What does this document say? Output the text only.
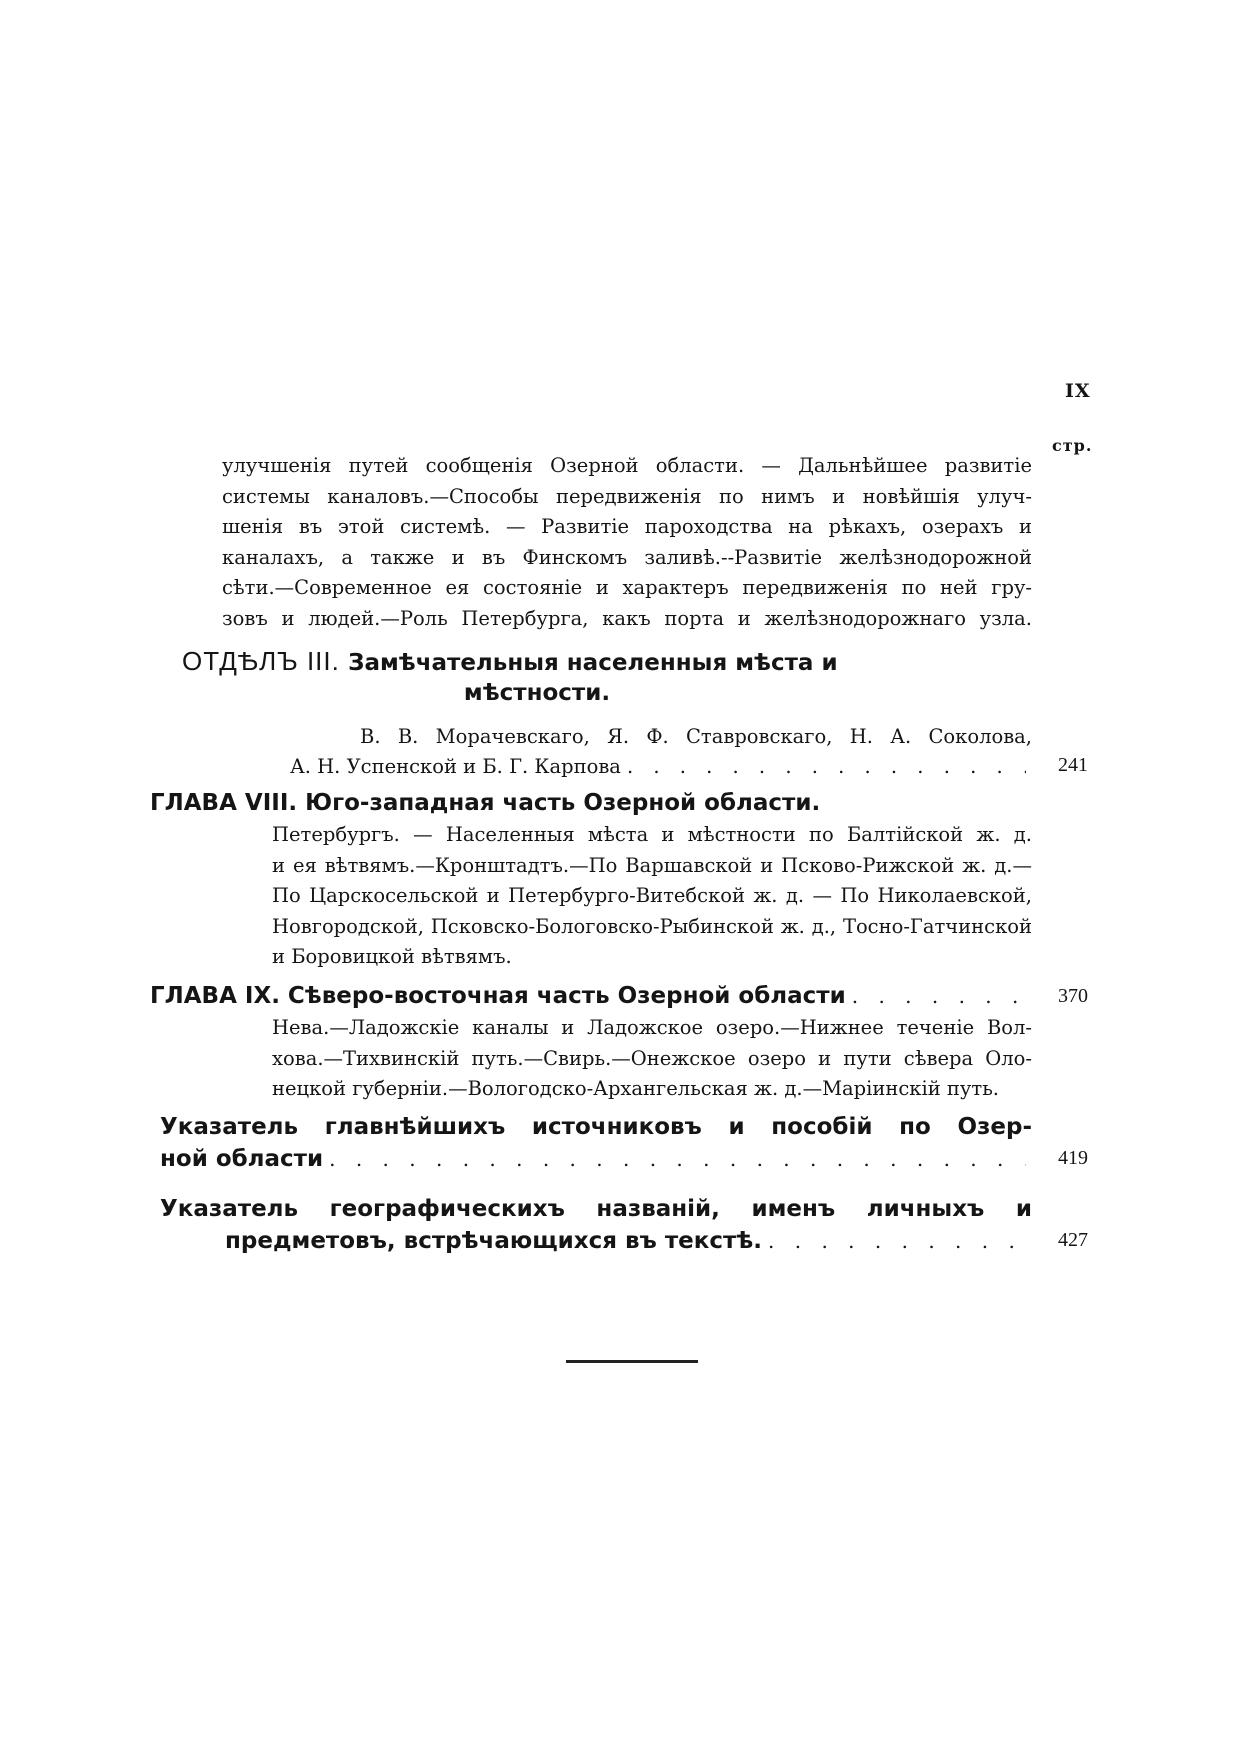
IX
стр.
улучшенія путей сообщенія Озерной области. — Дальнѣйшее развитіе
системы каналовъ.—Способы передвиженія по нимъ и новѣйшія улуч-
шенія въ этой системѣ. — Развитіе пароходства на рѣкахъ, озерахъ и
каналахъ, а также и въ Финскомъ заливѣ.--Развитіе желѣзнодорожной
сѣти.—Современное ея состояніе и характеръ передвиженія по ней гру-
зовъ и людей.—Роль Петербурга, какъ порта и желѣзнодорожнаго узла.
ОТДѢЛЪ III. Замѣчательныя населенныя мѣста и
мѣстности.
В. В. Морачевскаго, Я. Ф. Ставровскаго, Н. А. Соколова,
А. Н. Успенской и Б. Г. Карпова . . .	241
ГЛАВА VIII. Юго-западная часть Озерной области.
Петербургъ. — Населенныя мѣста и мѣстности по Балтійской ж. д.
и ея вѣтвямъ.—Кронштадтъ.—По Варшавской и Псково-Рижской ж. д.—
По Царскосельской и Петербурго-Витебской ж. д. — По Николаевской,
Новгородской, Псковско-Бологовско-Рыбинской ж. д., Тосно-Гатчинской
и Боровицкой вѣтвямъ.
ГЛАВА IX. Сѣверо-восточная часть Озерной области . . .	370
Нева.—Ладожскіе каналы и Ладожское озеро.—Нижнее теченіе Вол-
хова.—Тихвинскій путь.—Свирь.—Онежское озеро и пути сѣвера Оло-
нецкой губерніи.—Вологодско-Архангельская ж. д.—Маріинскій путь.
Указатель главнѣйшихъ источниковъ и пособій по Озер-
ной области . . .	419
Указатель географическихъ названій, именъ личныхъ и
предметовъ, встрѣчающихся въ текстѣ. . . .	427
